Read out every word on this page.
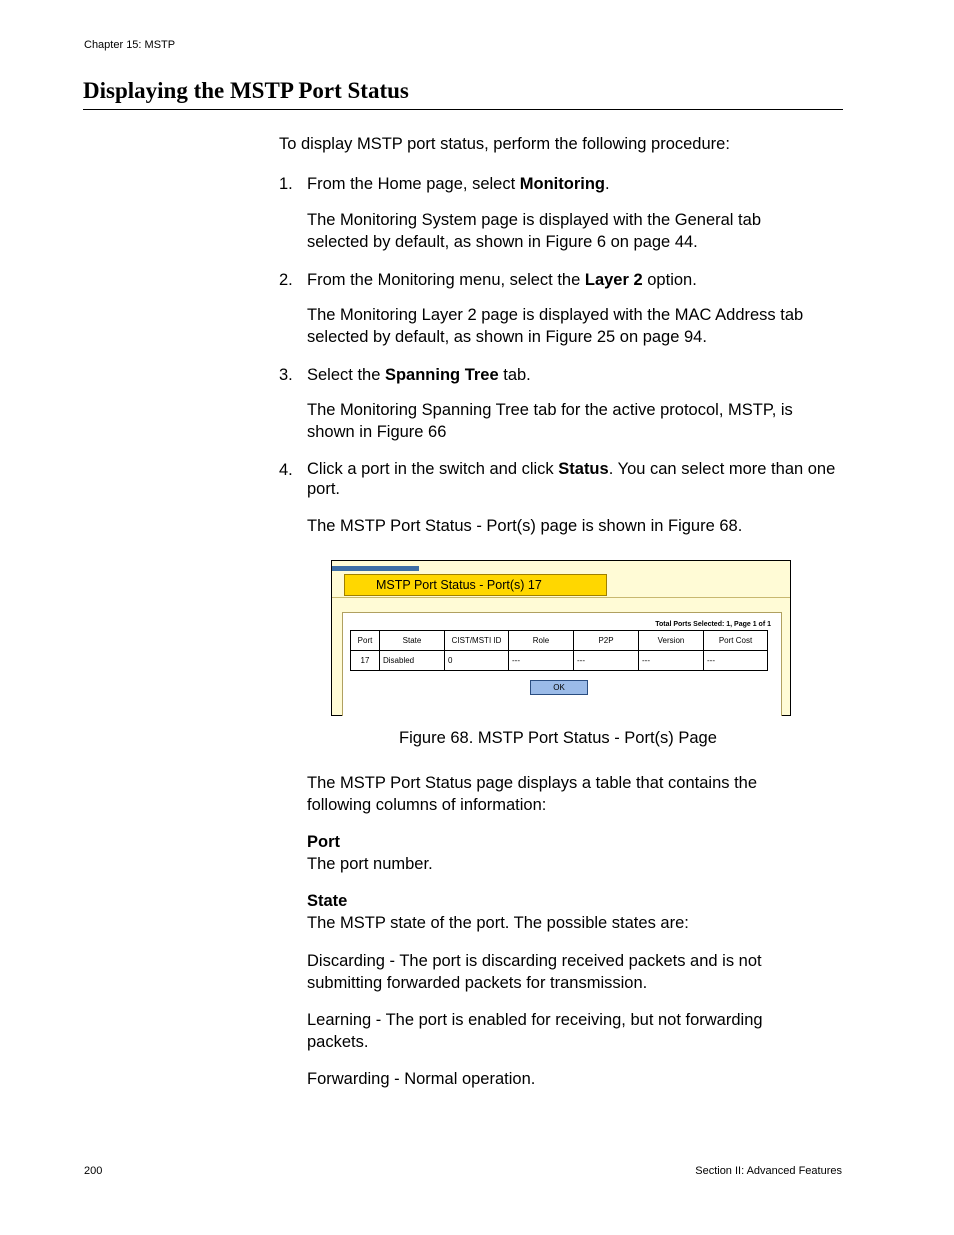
Chapter 15: MSTP
Displaying the MSTP Port Status
To display MSTP port status, perform the following procedure:
1. From the Home page, select Monitoring.
The Monitoring System page is displayed with the General tab selected by default, as shown in Figure 6 on page 44.
2. From the Monitoring menu, select the Layer 2 option.
The Monitoring Layer 2 page is displayed with the MAC Address tab selected by default, as shown in Figure 25 on page 94.
3. Select the Spanning Tree tab.
The Monitoring Spanning Tree tab for the active protocol, MSTP, is shown in Figure 66
4. Click a port in the switch and click Status. You can select more than one port.
The MSTP Port Status - Port(s) page is shown in Figure 68.
MSTP Port Status - Port(s) 17
Total Ports Selected: 1, Page 1 of 1
Port	State	CIST/MSTI ID	Role	P2P	Version	Port Cost
17	Disabled	0	---	---	---	---
OK
Figure 68. MSTP Port Status - Port(s) Page
The MSTP Port Status page displays a table that contains the following columns of information:
Port
The port number.
State
The MSTP state of the port. The possible states are:
Discarding - The port is discarding received packets and is not submitting forwarded packets for transmission.
Learning - The port is enabled for receiving, but not forwarding packets.
Forwarding - Normal operation.
200	Section II: Advanced Features
